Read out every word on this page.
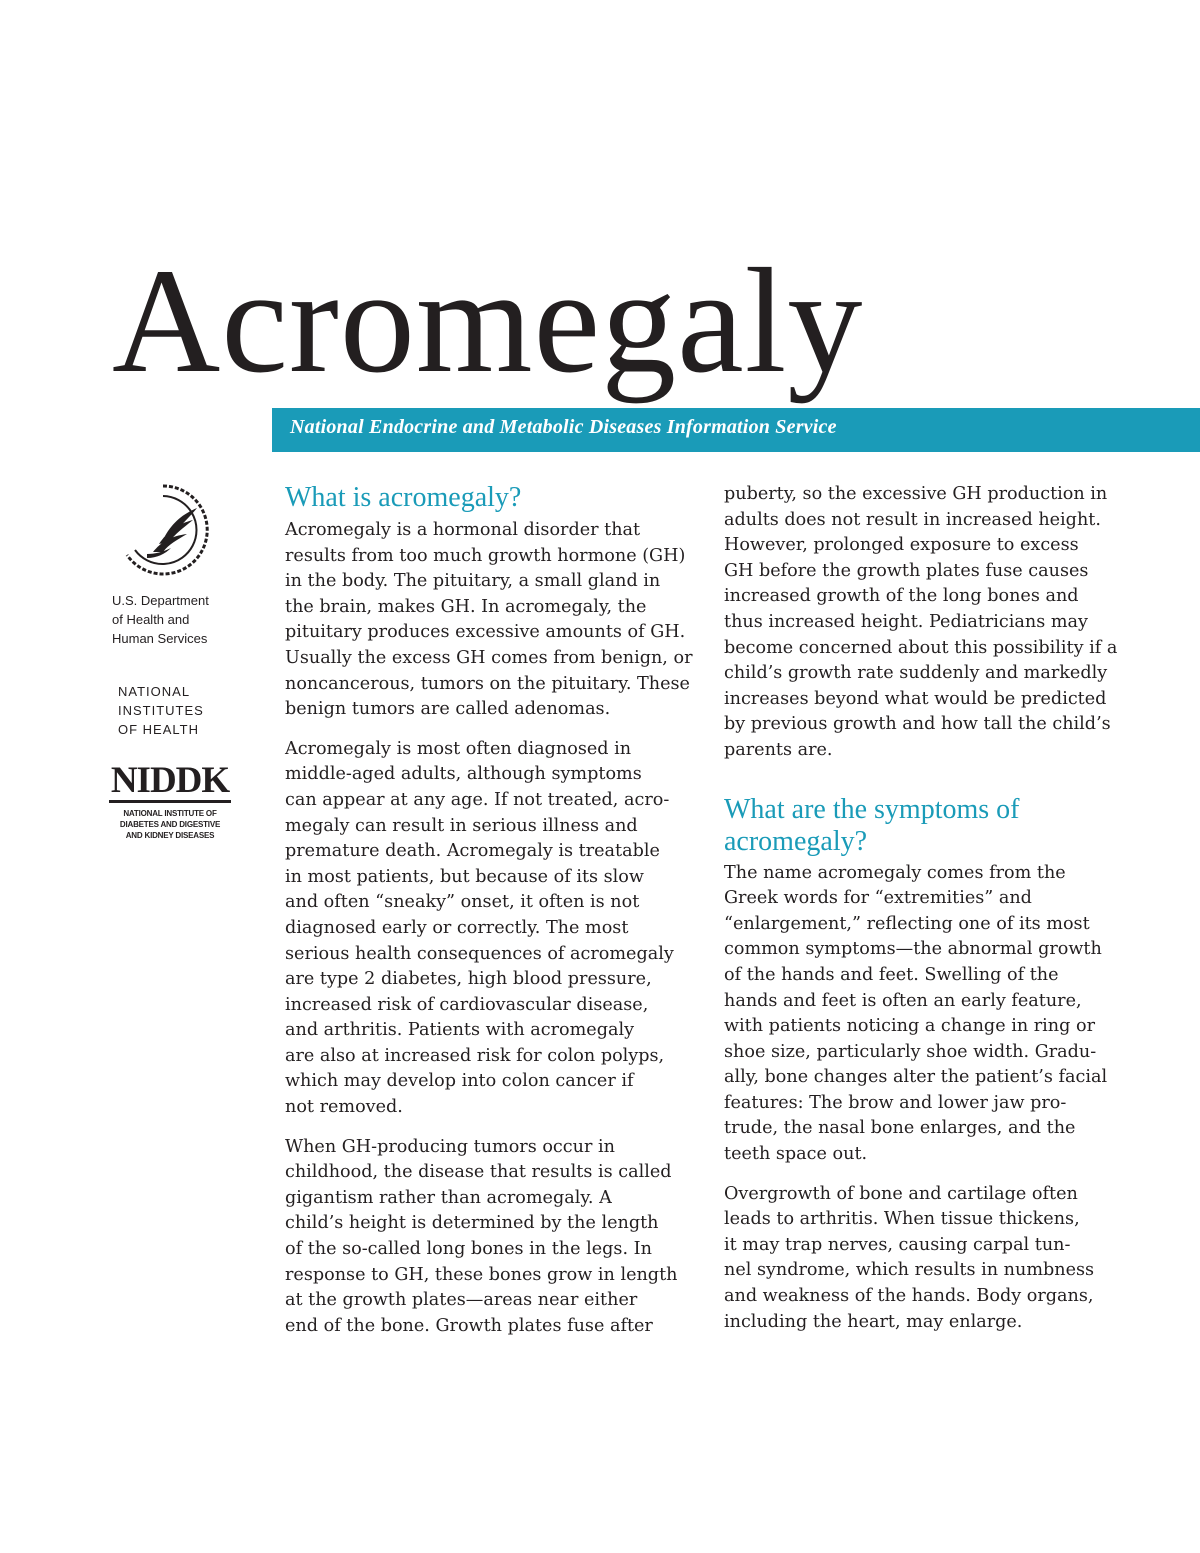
Acromegaly
National Endocrine and Metabolic Diseases Information Service
U.S. Department
of Health and
Human Services
NATIONAL
INSTITUTES
OF HEALTH
NIDDK
NATIONAL INSTITUTE OF
DIABETES AND DIGESTIVE
AND KIDNEY DISEASES
What is acromegaly?

Acromegaly is a hormonal disorder that
results from too much growth hormone (GH)
in the body. The pituitary, a small gland in
the brain, makes GH. In acromegaly, the
pituitary produces excessive amounts of GH.
Usually the excess GH comes from benign, or
noncancerous, tumors on the pituitary. These
benign tumors are called adenomas.

Acromegaly is most often diagnosed in
middle-aged adults, although symptoms
can appear at any age. If not treated, acro-
megaly can result in serious illness and
premature death. Acromegaly is treatable
in most patients, but because of its slow
and often “sneaky” onset, it often is not
diagnosed early or correctly. The most
serious health consequences of acromegaly
are type 2 diabetes, high blood pressure,
increased risk of cardiovascular disease,
and arthritis. Patients with acromegaly
are also at increased risk for colon polyps,
which may develop into colon cancer if
not removed.

When GH-producing tumors occur in
childhood, the disease that results is called
gigantism rather than acromegaly. A
child’s height is determined by the length
of the so-called long bones in the legs. In
response to GH, these bones grow in length
at the growth plates—areas near either
end of the bone. Growth plates fuse after

puberty, so the excessive GH production in
adults does not result in increased height.
However, prolonged exposure to excess
GH before the growth plates fuse causes
increased growth of the long bones and
thus increased height. Pediatricians may
become concerned about this possibility if a
child’s growth rate suddenly and markedly
increases beyond what would be predicted
by previous growth and how tall the child’s
parents are.

What are the symptoms of
acromegaly?

The name acromegaly comes from the
Greek words for “extremities” and
“enlargement,” reflecting one of its most
common symptoms—the abnormal growth
of the hands and feet. Swelling of the
hands and feet is often an early feature,
with patients noticing a change in ring or
shoe size, particularly shoe width. Gradu-
ally, bone changes alter the patient’s facial
features: The brow and lower jaw pro-
trude, the nasal bone enlarges, and the
teeth space out.

Overgrowth of bone and cartilage often
leads to arthritis. When tissue thickens,
it may trap nerves, causing carpal tun-
nel syndrome, which results in numbness
and weakness of the hands. Body organs,
including the heart, may enlarge.
